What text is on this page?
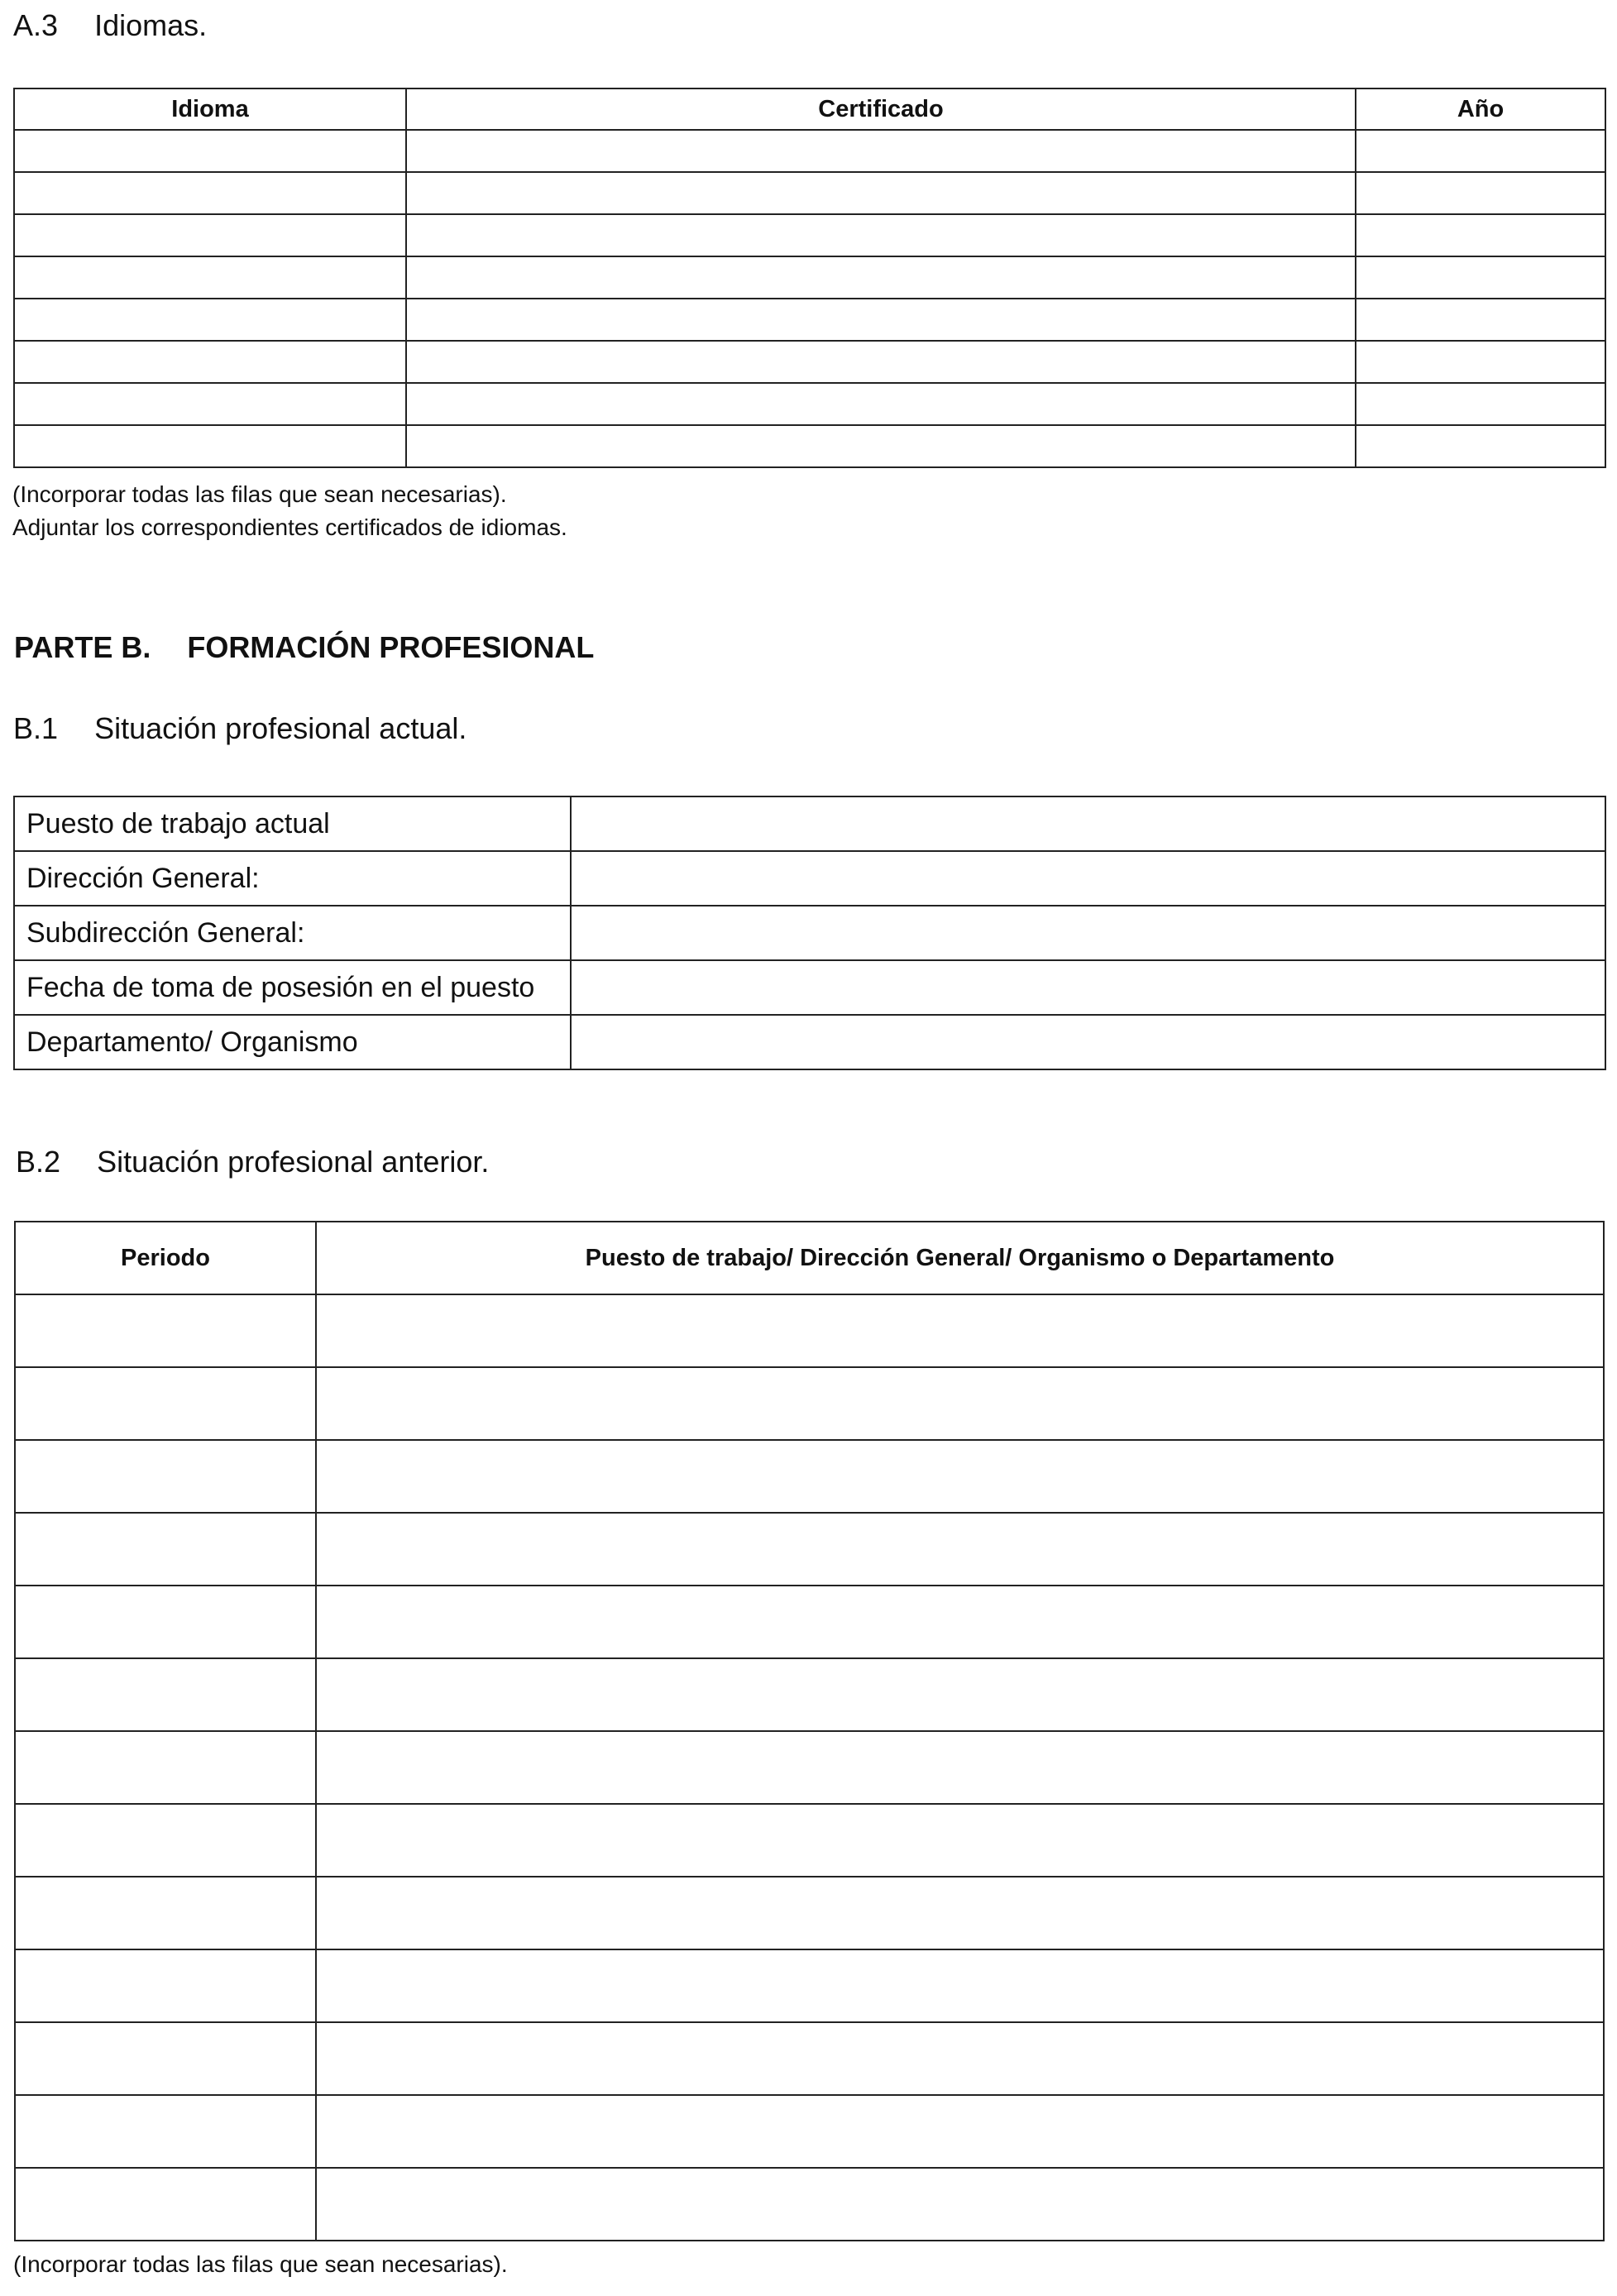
A.3 Idiomas.
Idioma	Certificado	Año

(Incorporar todas las filas que sean necesarias).
Adjuntar los correspondientes certificados de idiomas.
PARTE B. FORMACIÓN PROFESIONAL
B.1 Situación profesional actual.
Puesto de trabajo actual	
Dirección General:	
Subdirección General:	
Fecha de toma de posesión en el puesto	
Departamento/ Organismo	
B.2 Situación profesional anterior.
Periodo	Puesto de trabajo/ Dirección General/ Organismo o Departamento

(Incorporar todas las filas que sean necesarias).
